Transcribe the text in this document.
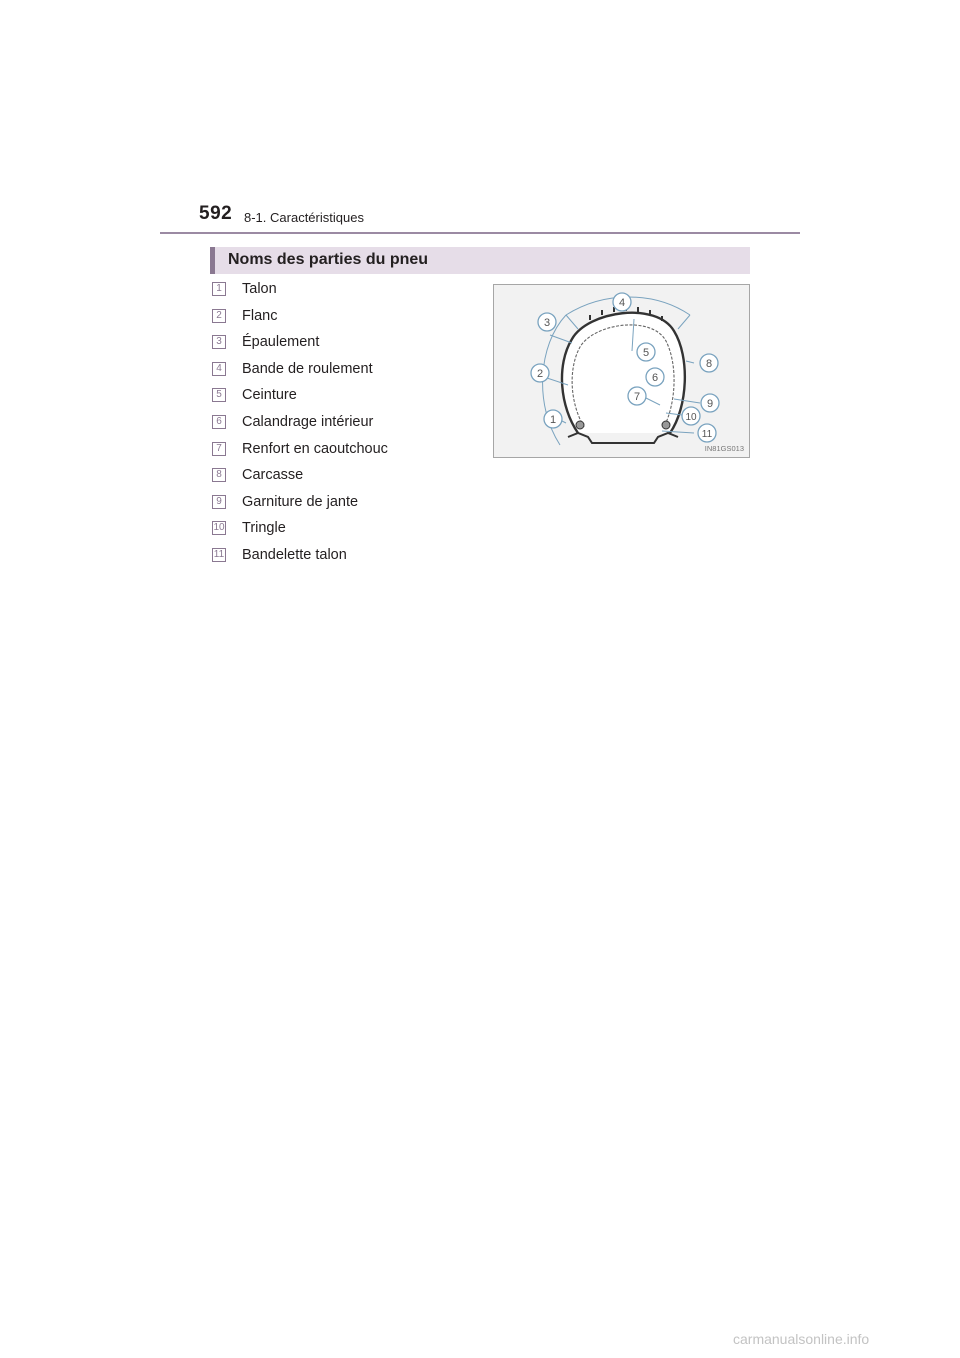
592 8-1. Caractéristiques
Noms des parties du pneu
1 Talon
2 Flanc
3 Épaulement
4 Bande de roulement
5 Ceinture
6 Calandrage intérieur
7 Renfort en caoutchouc
8 Carcasse
9 Garniture de jante
10 Tringle
11 Bandelette talon
1
2
3
4
5
6
7
8
9
10
11
IN81GS013
carmanualsonline.info
